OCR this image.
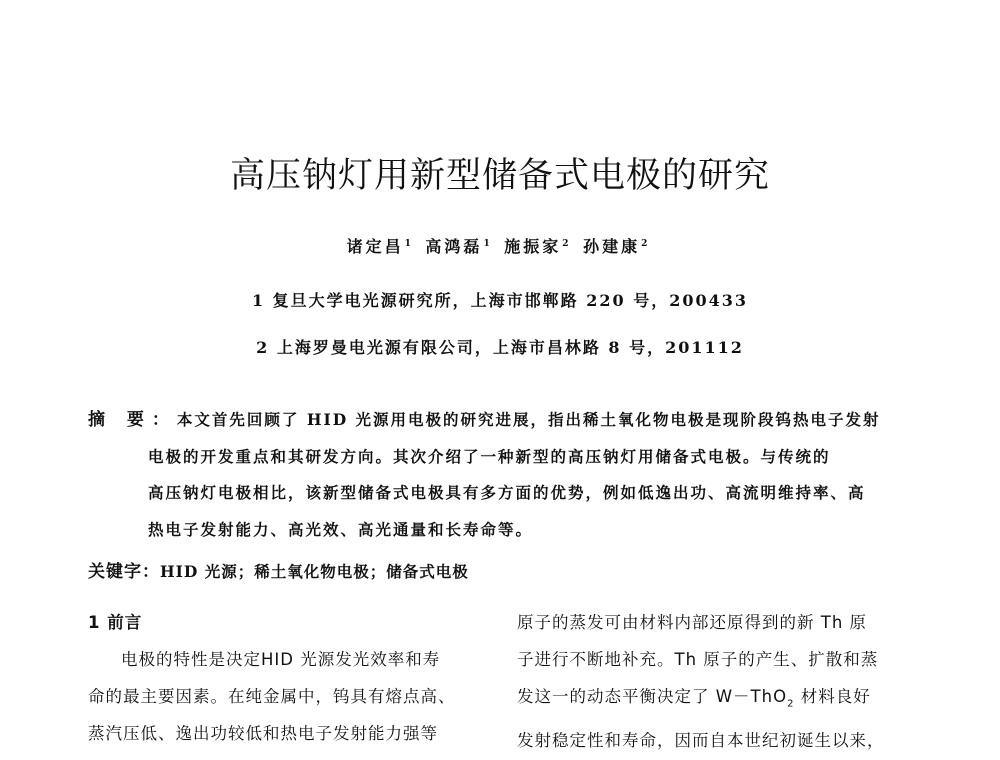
高压钠灯用新型储备式电极的研究
诸定昌$^1$ 高鸿磊$^1$ 施振家$^2$ 孙建康$^2$
1 复旦大学电光源研究所，上海市邯郸路 220 号，200433
2 上海罗曼电光源有限公司，上海市昌林路 8 号，201112
摘 要：本文首先回顾了 HID 光源用电极的研究进展，指出稀土氧化物电极是现阶段钨热电子发射
电极的开发重点和其研发方向。其次介绍了一种新型的高压钠灯用储备式电极。与传统的
高压钠灯电极相比，该新型储备式电极具有多方面的优势，例如低逸出功、高流明维持率、高
热电子发射能力、高光效、高光通量和长寿命等。
关键字：HID 光源；稀土氧化物电极；储备式电极
1 前言
电极的特性是决定HID 光源发光效率和寿
命的最主要因素。在纯金属中，钨具有熔点高、
蒸汽压低、逸出功较低和热电子发射能力强等
原子的蒸发可由材料内部还原得到的新 Th 原
子进行不断地补充。Th 原子的产生、扩散和蒸
发这一的动态平衡决定了 W－ThO$_2$ 材料良好
发射稳定性和寿命，因而自本世纪初诞生以来，
